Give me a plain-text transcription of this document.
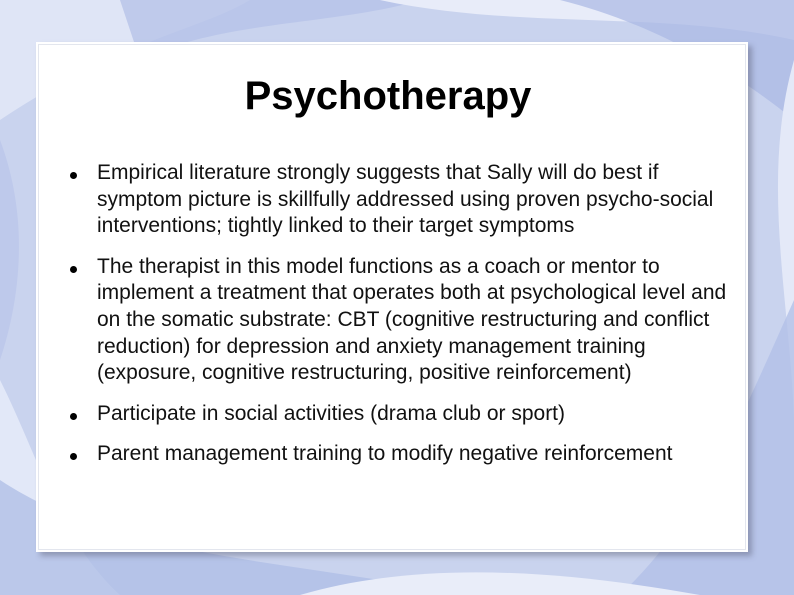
Psychotherapy
Empirical literature strongly suggests that Sally will do best if symptom picture is skillfully addressed using proven psycho-social interventions; tightly linked to their target symptoms
The therapist in this model functions as a coach or mentor to implement a treatment that operates both at psychological level and on the somatic substrate: CBT (cognitive restructuring and conflict reduction) for depression and anxiety management training (exposure, cognitive restructuring, positive reinforcement)
Participate in social activities (drama club or sport)
Parent management training to modify negative reinforcement
